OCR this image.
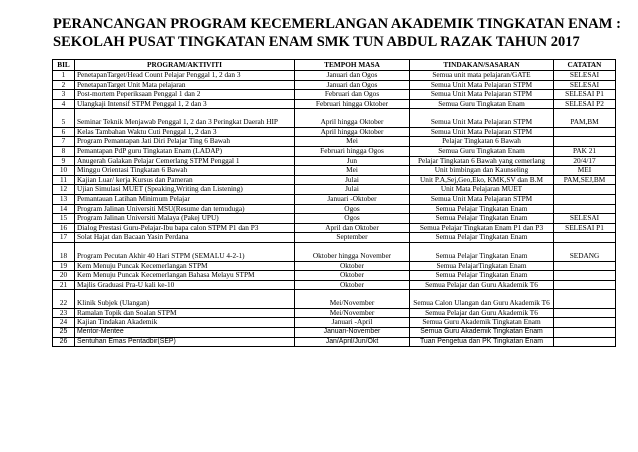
PERANCANGAN PROGRAM KECEMERLANGAN AKADEMIK TINGKATAN ENAM :
SEKOLAH PUSAT TINGKATAN ENAM SMK TUN ABDUL RAZAK TAHUN 2017
BIL	PROGRAM/AKTIVITI	TEMPOH MASA	TINDAKAN/SASARAN	CATATAN
1	PenetapanTarget/Head Count Pelajar Penggal 1, 2 dan 3	Januari dan Ogos	Semua unit mata pelajaran/GATE	SELESAI
2	PenetapanTarget Unit Mata pelajaran	Januari dan Ogos	Semua Unit Mata Pelajaran STPM	SELESAI
3	Post-mortem Peperiksaan Penggal 1 dan 2	Februari dan Ogos	Semua Unit Mata Pelajaran STPM	SELESAI P1
4	Ulangkaji Intensif STPM Penggal 1, 2 dan 3	Februari hingga Oktober	Semua Guru Tingkatan Enam	SELESAI P2
5	Seminar Teknik Menjawab Penggal 1, 2 dan 3 Peringkat Daerah HIP	April hingga Oktober	Semua Unit Mata Pelajaran STPM	PAM,BM
6	Kelas Tambahan Waktu Cuti Penggal 1, 2 dan 3	April hingga Oktober	Semua Unit Mata Pelajaran STPM	
7	Program Pemantapan Jati Diri Pelajar Ting 6 Bawah	Mei	Pelajar Tingkatan 6 Bawah	
8	Pemantapan PdP guru Tingkatan Enam (LADAP)	Februari hingga Ogos	Semua Guru Tingkatan Enam	PAK 21
9	Anugerah Galakan Pelajar Cemerlang STPM Penggal 1	Jun	Pelajar Tingkatan 6 Bawah yang cemerlang	20/4/17
10	Minggu Orientasi Tingkatan 6 Bawah	Mei	Unit bimbingan dan Kaunseling	MEI
11	Kajian Luar/ kerja Kursus dan Pameran	Julai	Unit P.A,Sej,Geo,Eko, KMK,SV dan B.M	PAM,SEJ,BM
12	Ujian Simulasi MUET (Speaking,Writing dan Listening)	Julai	Unit Mata Pelajaran MUET	
13	Pemantauan Latihan Minimum Pelajar	Januari -Oktober	Semua Unit Mata Pelajaran STPM	
14	Program Jalinan Universiti MSU(Resume dan temuduga)	Ogos	Semua Pelajar Tingkatan Enam	
15	Program Jalinan Universiti Malaya (Pakej UPU)	Ogos	Semua Pelajar Tingkatan Enam	SELESAI
16	Dialog Prestasi Guru-Pelajar-Ibu bapa calon STPM P1 dan P3	April dan Oktober	Semua Pelajar Tingkatan Enam P1 dan P3	SELESAI P1
17	Solat Hajat dan Bacaan Yasin Perdana	September	Semua Pelajar Tingkatan Enam	
18	Program Pecutan Akhir 40 Hari STPM (SEMALU 4-2-1)	Oktober hingga November	Semua Pelajar Tingkatan Enam	SEDANG
19	Kem Menuju Puncak Kecemerlangan STPM	Oktober	Semua PelajarTingkatan Enam	
20	Kem Menuju Puncak Kecemerlangan Bahasa Melayu STPM	Oktober	Semua Pelajar Tingkatan Enam	
21	Majlis Graduasi Pra-U kali ke-10	Oktober	Semua Pelajar dan Guru Akademik T6	
22	Klinik Subjek (Ulangan)	Mei/November	Semua Calon Ulangan dan Guru Akademik T6	
23	Ramalan Topik dan Soalan STPM	Mei/November	Semua Pelajar dan Guru Akademik T6	
24	Kajian Tindakan Akademik	Januari -April	Semua Guru Akademik Tingkatan Enam	
25	Mentor-Mentee	Januari-November	Semua Guru Akademik Tingkatan Enam	
26	Sentuhan Emas Pentadbir(SEP)	Jan/April/Jun/Okt	Tuan Pengetua dan PK Tingkatan Enam	
